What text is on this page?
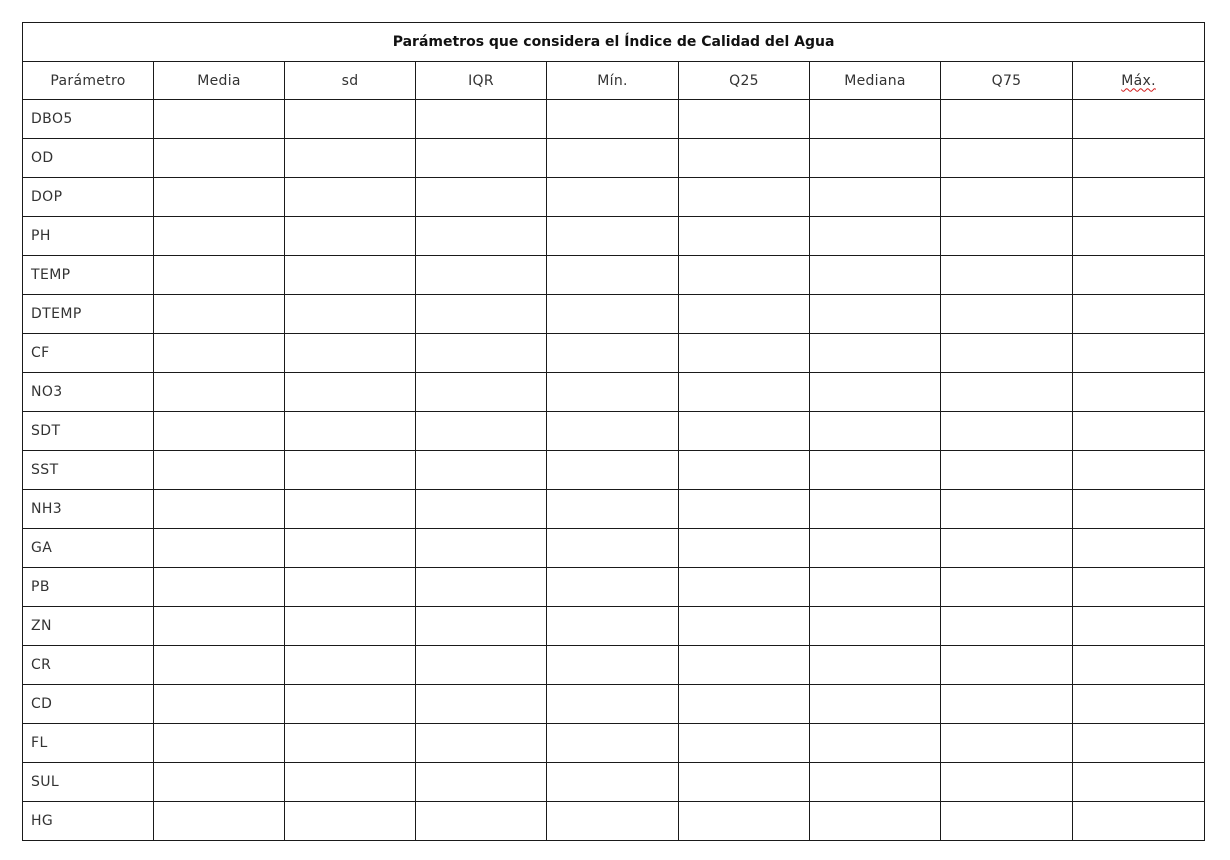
Parámetros que considera el Índice de Calidad del Agua								
Parámetro	Media	sd	IQR	Mín.	Q25	Mediana	Q75	Máx.
DBO5								
OD								
DOP								
PH								
TEMP								
DTEMP								
CF								
NO3								
SDT								
SST								
NH3								
GA								
PB								
ZN								
CR								
CD								
FL								
SUL								
HG								
